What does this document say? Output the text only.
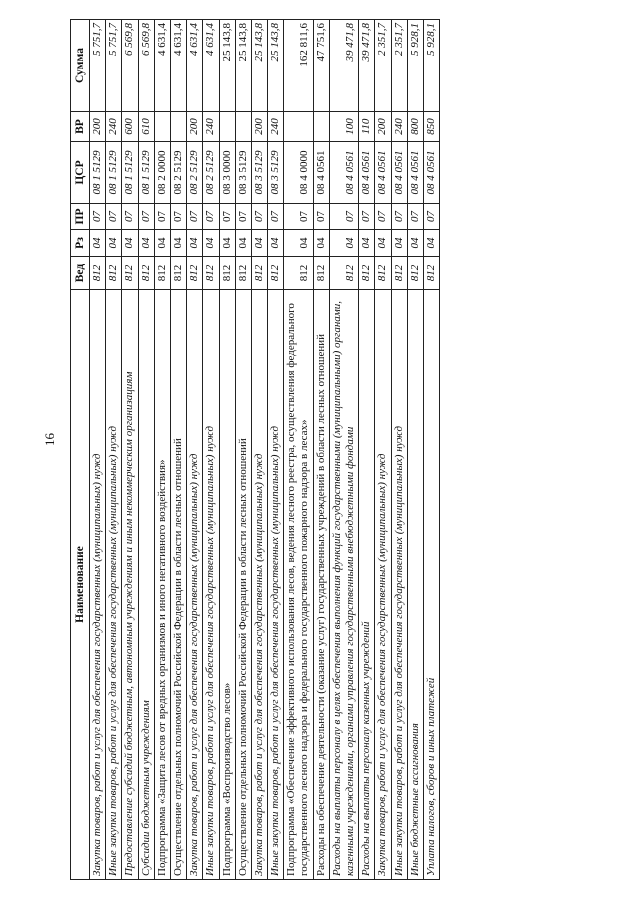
16
Наименование	Вед	Рз	ПР	ЦСР	ВР	Сумма
Закупка товаров, работ и услуг для обеспечения государственных (муниципальных) нужд	812	04	07	08 1 5129	200	5 751,7
Иные закупки товаров, работ и услуг для обеспечения государственных (муниципальных) нужд	812	04	07	08 1 5129	240	5 751,7
Предоставление субсидий бюджетным, автономным учреждениям и иным некоммерческим организациям	812	04	07	08 1 5129	600	6 569,8
Субсидии бюджетным учреждениям	812	04	07	08 1 5129	610	6 569,8
Подпрограмма «Защита лесов от вредных организмов и иного негативного воздействия»	812	04	07	08 2 0000		4 631,4
Осуществление отдельных полномочий Российской Федерации в области лесных отношений	812	04	07	08 2 5129		4 631,4
Закупка товаров, работ и услуг для обеспечения государственных (муниципальных) нужд	812	04	07	08 2 5129	200	4 631,4
Иные закупки товаров, работ и услуг для обеспечения государственных (муниципальных) нужд	812	04	07	08 2 5129	240	4 631,4
Подпрограмма «Воспроизводство лесов»	812	04	07	08 3 0000		25 143,8
Осуществление отдельных полномочий Российской Федерации в области лесных отношений	812	04	07	08 3 5129		25 143,8
Закупка товаров, работ и услуг для обеспечения государственных (муниципальных) нужд	812	04	07	08 3 5129	200	25 143,8
Иные закупки товаров, работ и услуг для обеспечения государственных (муниципальных) нужд	812	04	07	08 3 5129	240	25 143,8
Подпрограмма «Обеспечение эффективного использования лесов, ведения лесного реестра, осуществления федерального государственного лесного надзора и федерального государственного пожарного надзора в лесах»	812	04	07	08 4 0000		162 811,6
Расходы на обеспечение деятельности (оказание услуг) государственных учреждений в области лесных отношений	812	04	07	08 4 0561		47 751,6
Расходы на выплаты персоналу в целях обеспечения выполнения функций государственными (муниципальными) органами, казенными учреждениями, органами управления государственными внебюджетными фондами	812	04	07	08 4 0561	100	39 471,8
Расходы на выплаты персоналу казенных учреждений	812	04	07	08 4 0561	110	39 471,8
Закупка товаров, работ и услуг для обеспечения государственных (муниципальных) нужд	812	04	07	08 4 0561	200	2 351,7
Иные закупки товаров, работ и услуг для обеспечения государственных (муниципальных) нужд	812	04	07	08 4 0561	240	2 351,7
Иные бюджетные ассигнования	812	04	07	08 4 0561	800	5 928,1
Уплата налогов, сборов и иных платежей	812	04	07	08 4 0561	850	5 928,1
